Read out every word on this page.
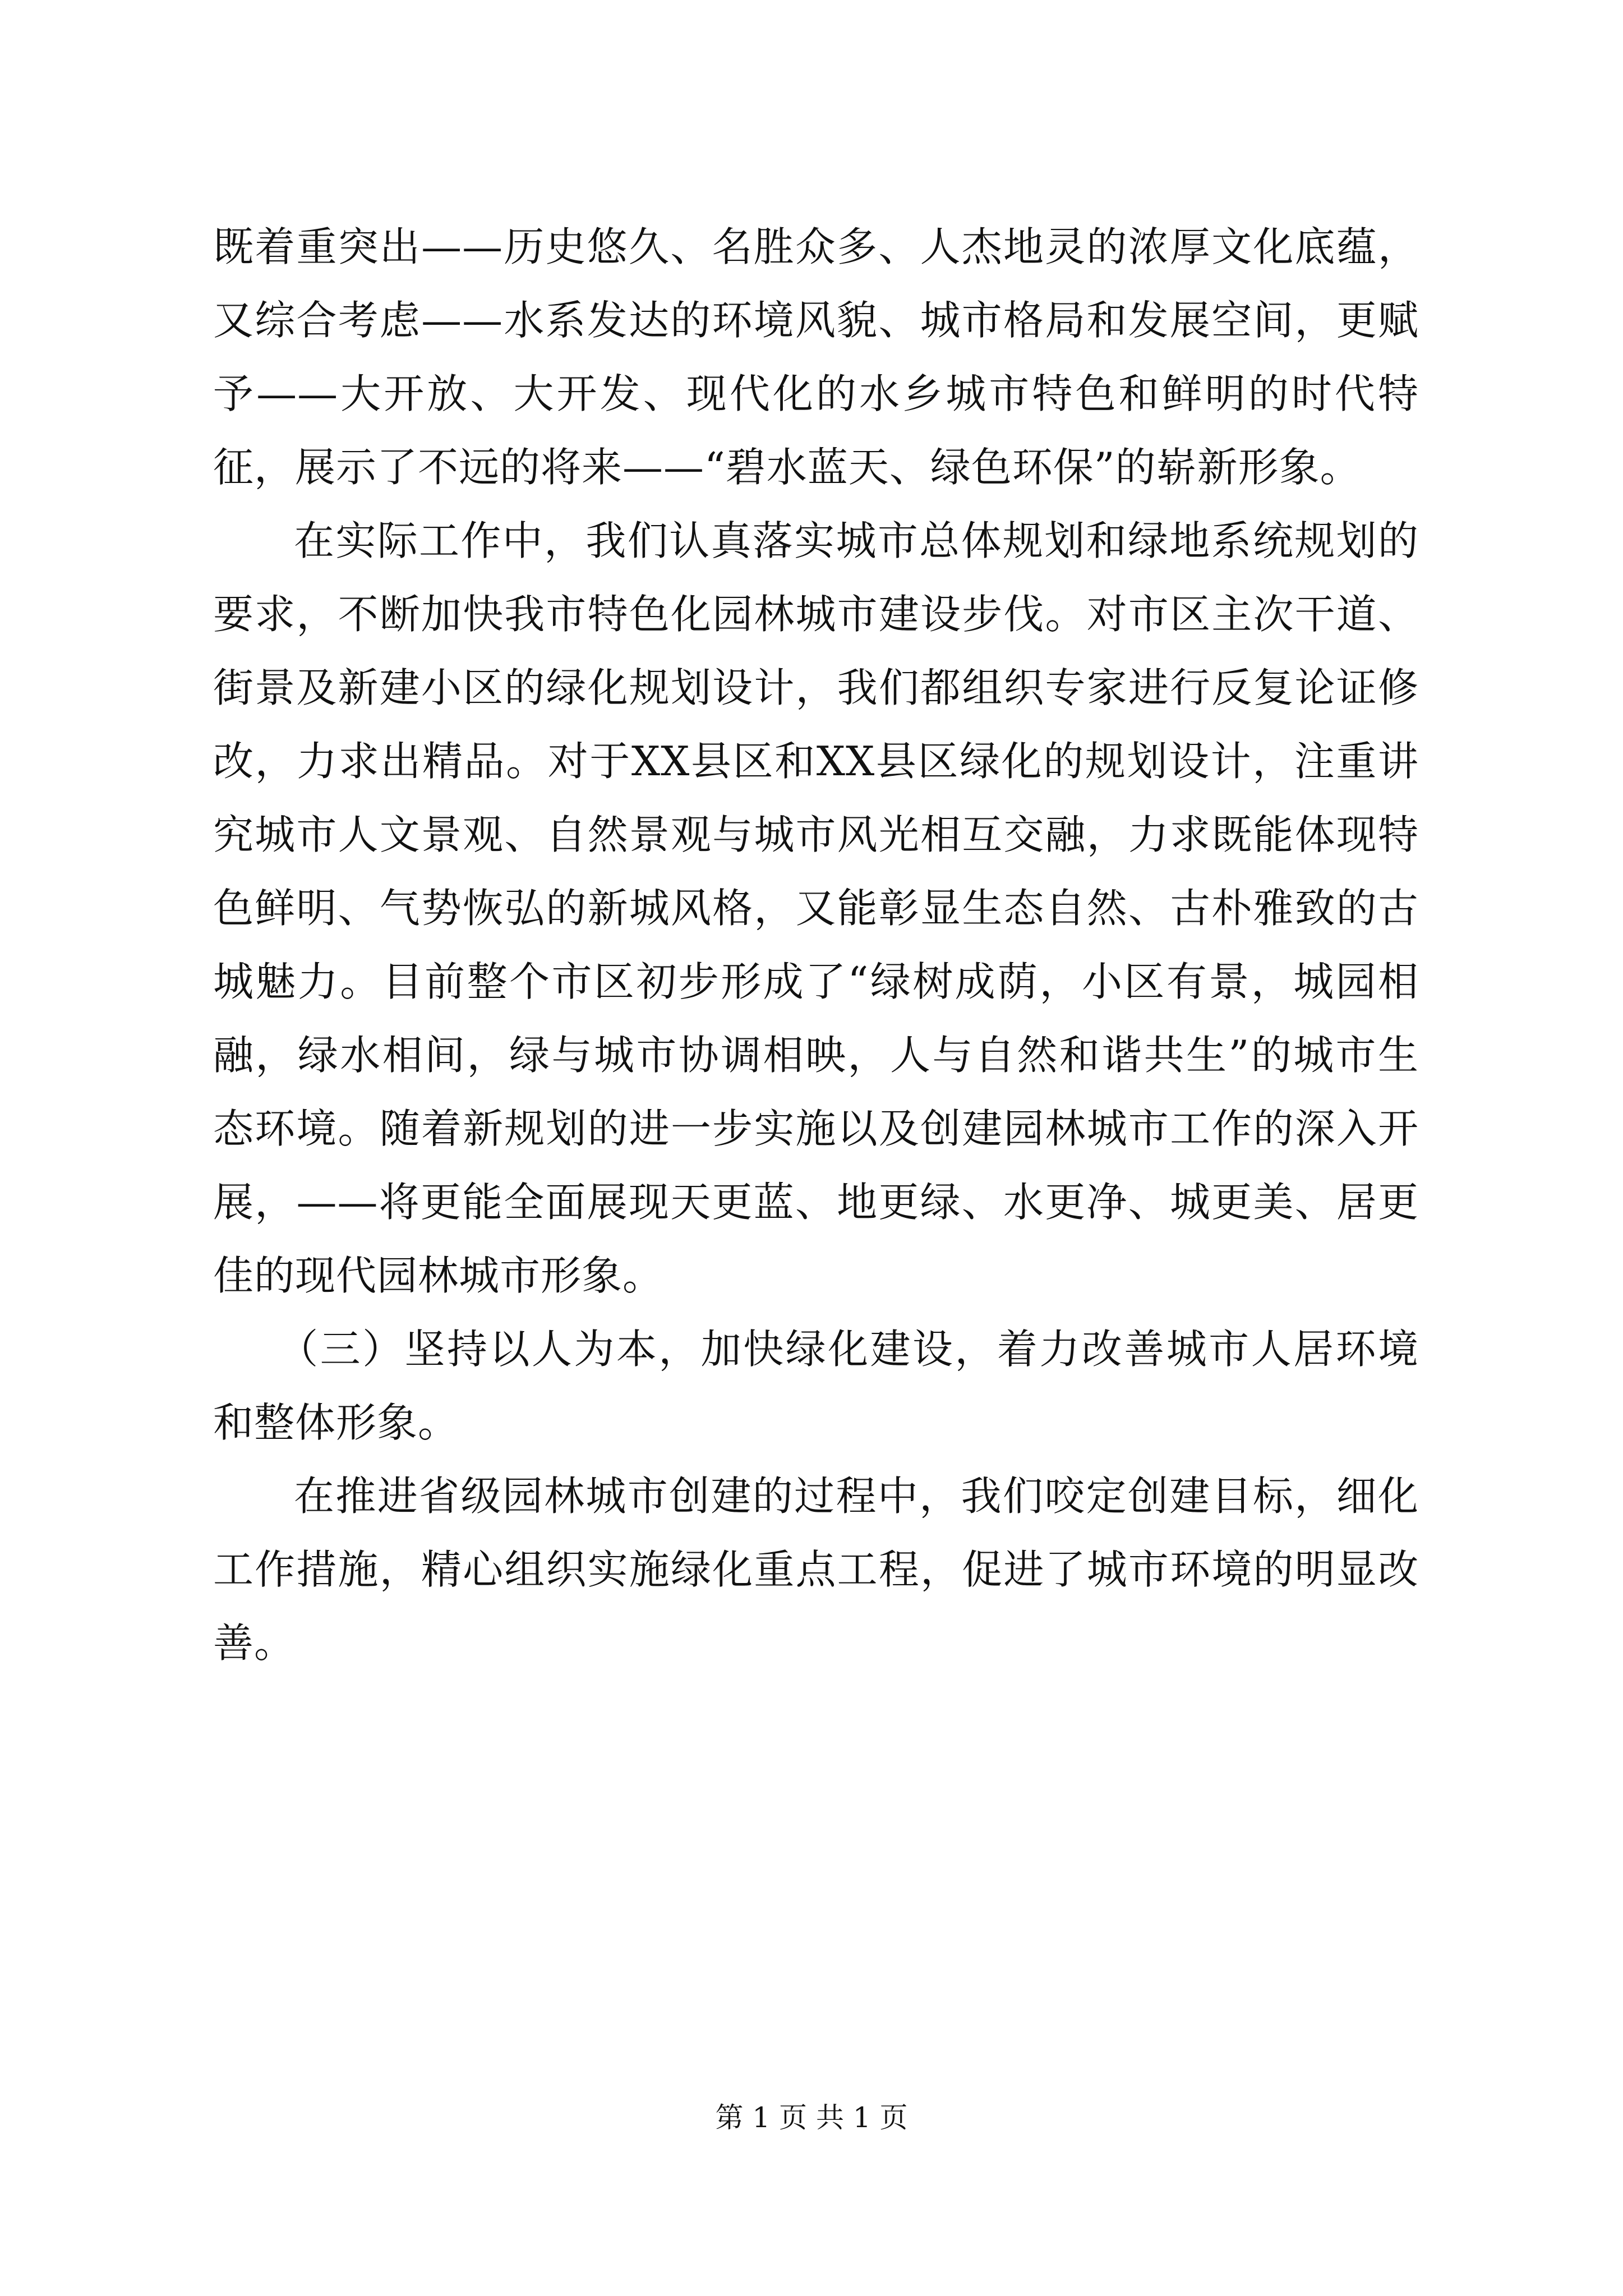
既着重突出——历史悠久、名胜众多、人杰地灵的浓厚文化底蕴，又综合考虑——水系发达的环境风貌、城市格局和发展空间，更赋予——大开放、大开发、现代化的水乡城市特色和鲜明的时代特征，展示了不远的将来——“碧水蓝天、绿色环保”的崭新形象。

在实际工作中，我们认真落实城市总体规划和绿地系统规划的要求，不断加快我市特色化园林城市建设步伐。对市区主次干道、街景及新建小区的绿化规划设计，我们都组织专家进行反复论证修改，力求出精品。对于XX县区和XX县区绿化的规划设计，注重讲究城市人文景观、自然景观与城市风光相互交融，力求既能体现特色鲜明、气势恢弘的新城风格，又能彰显生态自然、古朴雅致的古城魅力。目前整个市区初步形成了“绿树成荫，小区有景，城园相融，绿水相间，绿与城市协调相映，人与自然和谐共生”的城市生态环境。随着新规划的进一步实施以及创建园林城市工作的深入开展，——将更能全面展现天更蓝、地更绿、水更净、城更美、居更佳的现代园林城市形象。

（三）坚持以人为本，加快绿化建设，着力改善城市人居环境和整体形象。

在推进省级园林城市创建的过程中，我们咬定创建目标，细化工作措施，精心组织实施绿化重点工程，促进了城市环境的明显改善。

第 1 页 共 1 页
